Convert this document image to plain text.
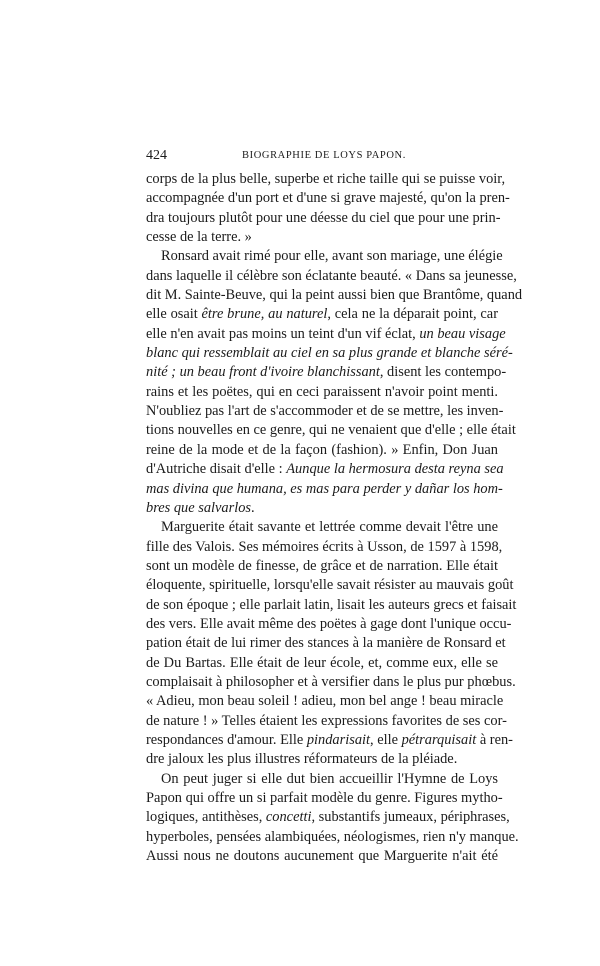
424	BIOGRAPHIE DE LOYS PAPON.
corps de la plus belle, superbe et riche taille qui se puisse voir,
accompagnée d'un port et d'une si grave majesté, qu'on la pren-
dra toujours plutôt pour une déesse du ciel que pour une prin-
cesse de la terre. »
Ronsard avait rimé pour elle, avant son mariage, une élégie
dans laquelle il célèbre son éclatante beauté. « Dans sa jeunesse,
dit M. Sainte-Beuve, qui la peint aussi bien que Brantôme, quand
elle osait être brune, au naturel, cela ne la déparait point, car
elle n'en avait pas moins un teint d'un vif éclat, un beau visage
blanc qui ressemblait au ciel en sa plus grande et blanche séré-
nité ; un beau front d'ivoire blanchissant, disent les contempo-
rains et les poëtes, qui en ceci paraissent n'avoir point menti.
N'oubliez pas l'art de s'accommoder et de se mettre, les inven-
tions nouvelles en ce genre, qui ne venaient que d'elle ; elle était
reine de la mode et de la façon (fashion). » Enfin, Don Juan
d'Autriche disait d'elle : Aunque la hermosura desta reyna sea
mas divina que humana, es mas para perder y dañar los hom-
bres que salvarlos.
Marguerite était savante et lettrée comme devait l'être une
fille des Valois. Ses mémoires écrits à Usson, de 1597 à 1598,
sont un modèle de finesse, de grâce et de narration. Elle était
éloquente, spirituelle, lorsqu'elle savait résister au mauvais goût
de son époque ; elle parlait latin, lisait les auteurs grecs et faisait
des vers. Elle avait même des poëtes à gage dont l'unique occu-
pation était de lui rimer des stances à la manière de Ronsard et
de Du Bartas. Elle était de leur école, et, comme eux, elle se
complaisait à philosopher et à versifier dans le plus pur phœbus.
« Adieu, mon beau soleil ! adieu, mon bel ange ! beau miracle
de nature ! » Telles étaient les expressions favorites de ses cor-
respondances d'amour. Elle pindarisait, elle pétrarquisait à ren-
dre jaloux les plus illustres réformateurs de la pléiade.
On peut juger si elle dut bien accueillir l'Hymne de Loys
Papon qui offre un si parfait modèle du genre. Figures mytho-
logiques, antithèses, concetti, substantifs jumeaux, périphrases,
hyperboles, pensées alambiquées, néologismes, rien n'y manque.
Aussi nous ne doutons aucunement que Marguerite n'ait été
